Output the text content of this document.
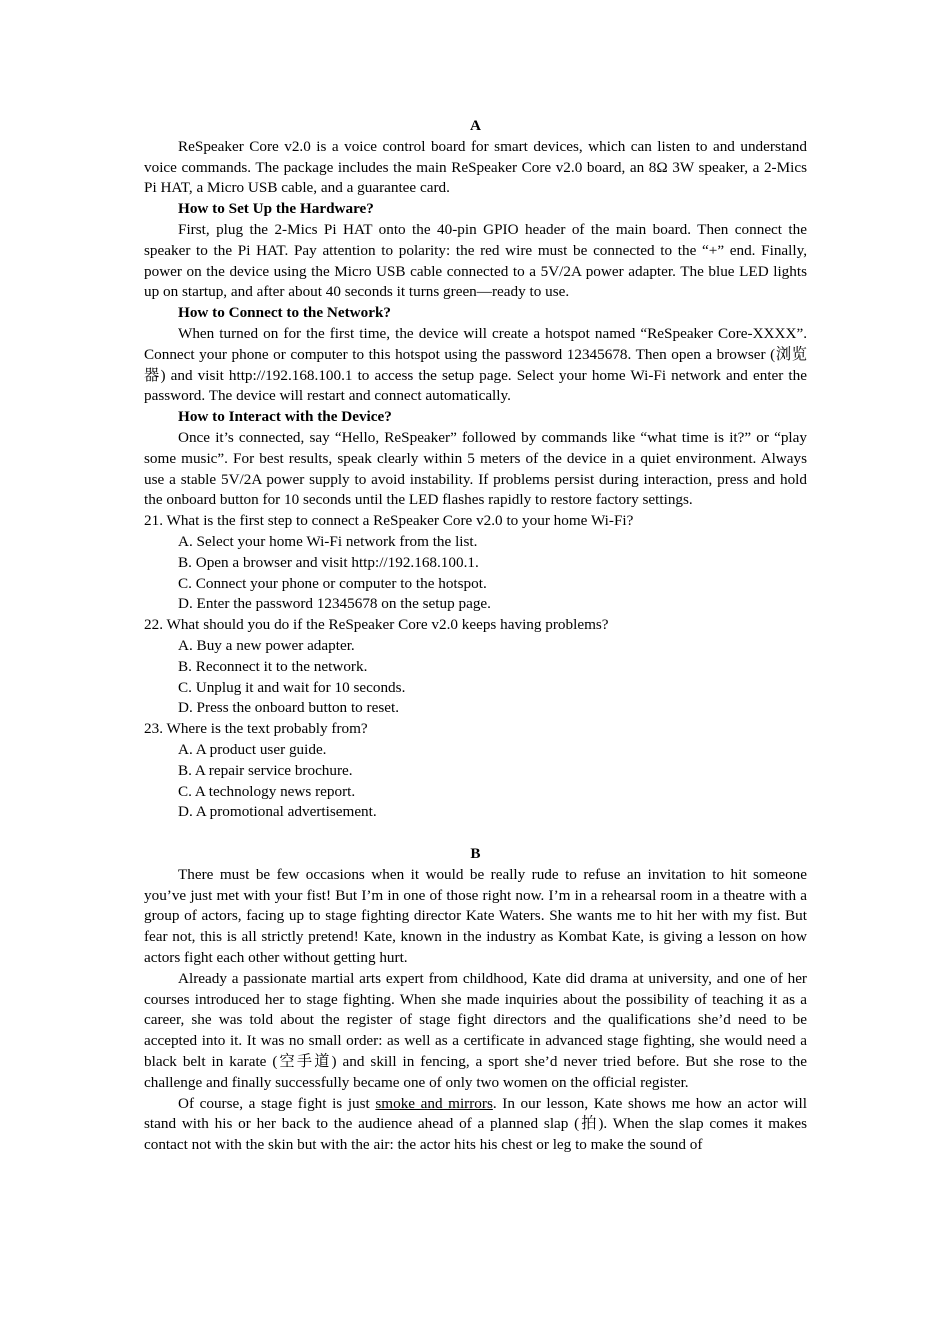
A

ReSpeaker Core v2.0 is a voice control board for smart devices, which can listen to and understand voice commands. The package includes the main ReSpeaker Core v2.0 board, an 8Ω 3W speaker, a 2-Mics Pi HAT, a Micro USB cable, and a guarantee card.

How to Set Up the Hardware?

First, plug the 2-Mics Pi HAT onto the 40-pin GPIO header of the main board. Then connect the speaker to the Pi HAT. Pay attention to polarity: the red wire must be connected to the “+” end. Finally, power on the device using the Micro USB cable connected to a 5V/2A power adapter. The blue LED lights up on startup, and after about 40 seconds it turns green—ready to use.

How to Connect to the Network?

When turned on for the first time, the device will create a hotspot named “ReSpeaker Core-XXXX”. Connect your phone or computer to this hotspot using the password 12345678. Then open a browser (浏览器) and visit http://192.168.100.1 to access the setup page. Select your home Wi-Fi network and enter the password. The device will restart and connect automatically.

How to Interact with the Device?

Once it’s connected, say “Hello, ReSpeaker” followed by commands like “what time is it?” or “play some music”. For best results, speak clearly within 5 meters of the device in a quiet environment. Always use a stable 5V/2A power supply to avoid instability. If problems persist during interaction, press and hold the onboard button for 10 seconds until the LED flashes rapidly to restore factory settings.

21. What is the first step to connect a ReSpeaker Core v2.0 to your home Wi-Fi?

A. Select your home Wi-Fi network from the list.

B. Open a browser and visit http://192.168.100.1.

C. Connect your phone or computer to the hotspot.

D. Enter the password 12345678 on the setup page.

22. What should you do if the ReSpeaker Core v2.0 keeps having problems?

A. Buy a new power adapter.

B. Reconnect it to the network.

C. Unplug it and wait for 10 seconds.

D. Press the onboard button to reset.

23. Where is the text probably from?

A. A product user guide.

B. A repair service brochure.

C. A technology news report.

D. A promotional advertisement.

B

There must be few occasions when it would be really rude to refuse an invitation to hit someone you’ve just met with your fist! But I’m in one of those right now. I’m in a rehearsal room in a theatre with a group of actors, facing up to stage fighting director Kate Waters. She wants me to hit her with my fist. But fear not, this is all strictly pretend! Kate, known in the industry as Kombat Kate, is giving a lesson on how actors fight each other without getting hurt.

Already a passionate martial arts expert from childhood, Kate did drama at university, and one of her courses introduced her to stage fighting. When she made inquiries about the possibility of teaching it as a career, she was told about the register of stage fight directors and the qualifications she’d need to be accepted into it. It was no small order: as well as a certificate in advanced stage fighting, she would need a black belt in karate (空手道) and skill in fencing, a sport she’d never tried before. But she rose to the challenge and finally successfully became one of only two women on the official register.

Of course, a stage fight is just smoke and mirrors. In our lesson, Kate shows me how an actor will stand with his or her back to the audience ahead of a planned slap (拍). When the slap comes it makes contact not with the skin but with the air: the actor hits his chest or leg to make the sound of
